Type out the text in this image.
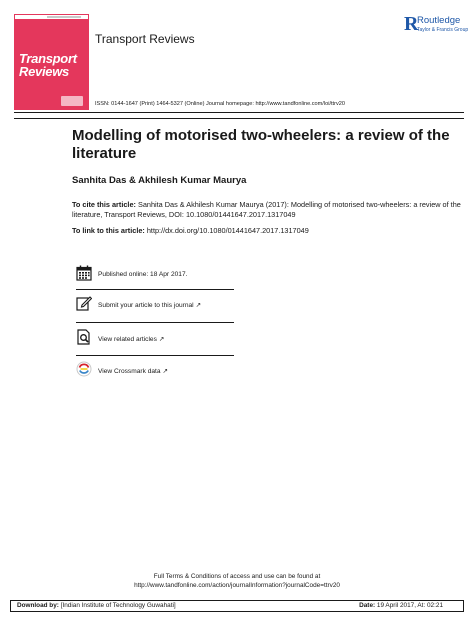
Transport
Reviews
Transport Reviews
R
Routledge
Taylor & Francis Group
ISSN: 0144-1647 (Print) 1464-5327 (Online) Journal homepage: http://www.tandfonline.com/loi/ttrv20
Modelling of motorised two-wheelers: a review of the literature
Sanhita Das & Akhilesh Kumar Maurya
To cite this article: Sanhita Das & Akhilesh Kumar Maurya (2017): Modelling of motorised two-wheelers: a review of the literature, Transport Reviews, DOI: 10.1080/01441647.2017.1317049
To link to this article: http://dx.doi.org/10.1080/01441647.2017.1317049
Published online: 18 Apr 2017.
Submit your article to this journal ↗
View related articles ↗
View Crossmark data ↗
Full Terms & Conditions of access and use can be found at
http://www.tandfonline.com/action/journalInformation?journalCode=ttrv20
Download by: [Indian Institute of Technology Guwahati]	Date: 19 April 2017, At: 02:21
